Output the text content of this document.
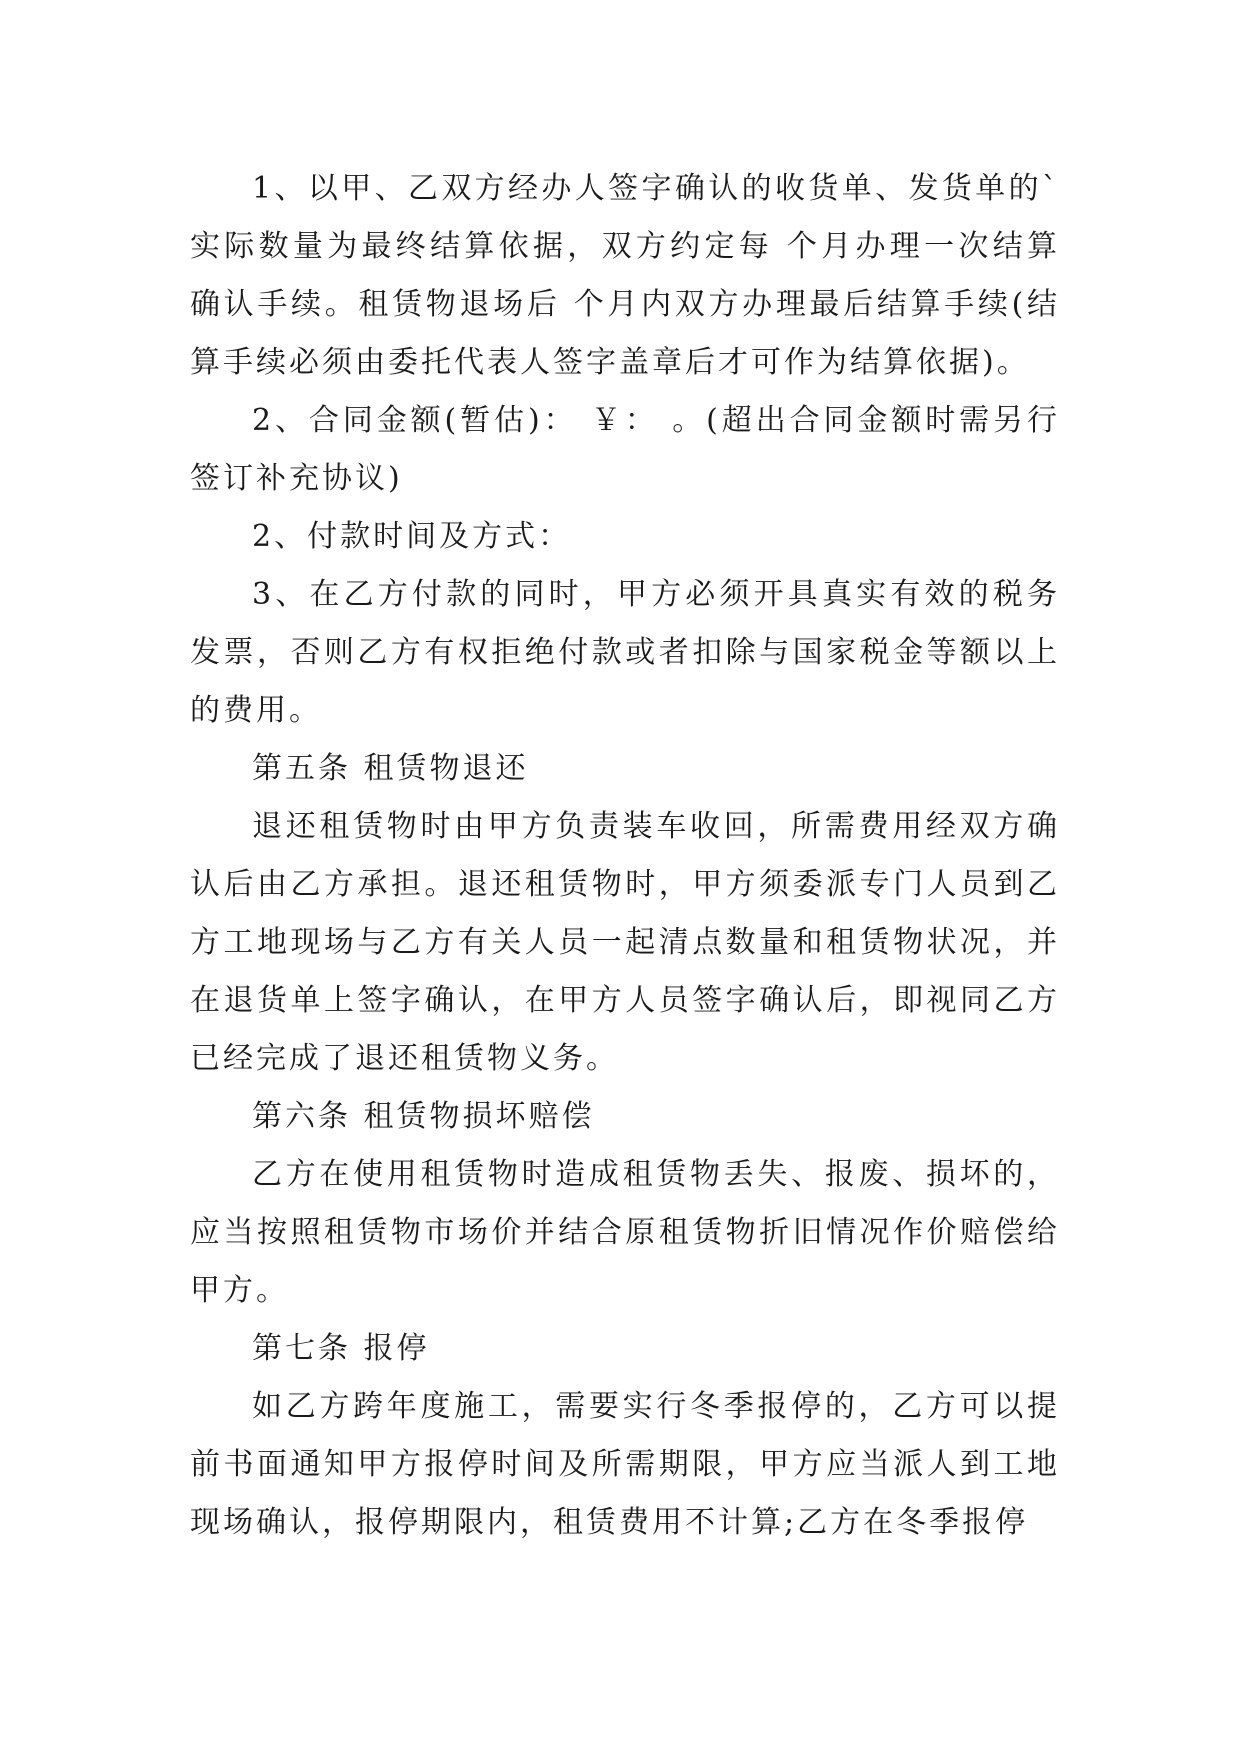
1、以甲、乙双方经办人签字确认的收货单、发货单的`实际数量为最终结算依据，双方约定每 个月办理一次结算确认手续。租赁物退场后 个月内双方办理最后结算手续(结算手续必须由委托代表人签字盖章后才可作为结算依据)。

2、合同金额(暂估)： ￥： 。(超出合同金额时需另行签订补充协议)

2、付款时间及方式：

3、在乙方付款的同时，甲方必须开具真实有效的税务发票，否则乙方有权拒绝付款或者扣除与国家税金等额以上的费用。

第五条 租赁物退还

退还租赁物时由甲方负责装车收回，所需费用经双方确认后由乙方承担。退还租赁物时，甲方须委派专门人员到乙方工地现场与乙方有关人员一起清点数量和租赁物状况，并在退货单上签字确认，在甲方人员签字确认后，即视同乙方已经完成了退还租赁物义务。

第六条 租赁物损坏赔偿

乙方在使用租赁物时造成租赁物丢失、报废、损坏的，应当按照租赁物市场价并结合原租赁物折旧情况作价赔偿给甲方。

第七条 报停

如乙方跨年度施工，需要实行冬季报停的，乙方可以提前书面通知甲方报停时间及所需期限，甲方应当派人到工地现场确认，报停期限内，租赁费用不计算;乙方在冬季报停
